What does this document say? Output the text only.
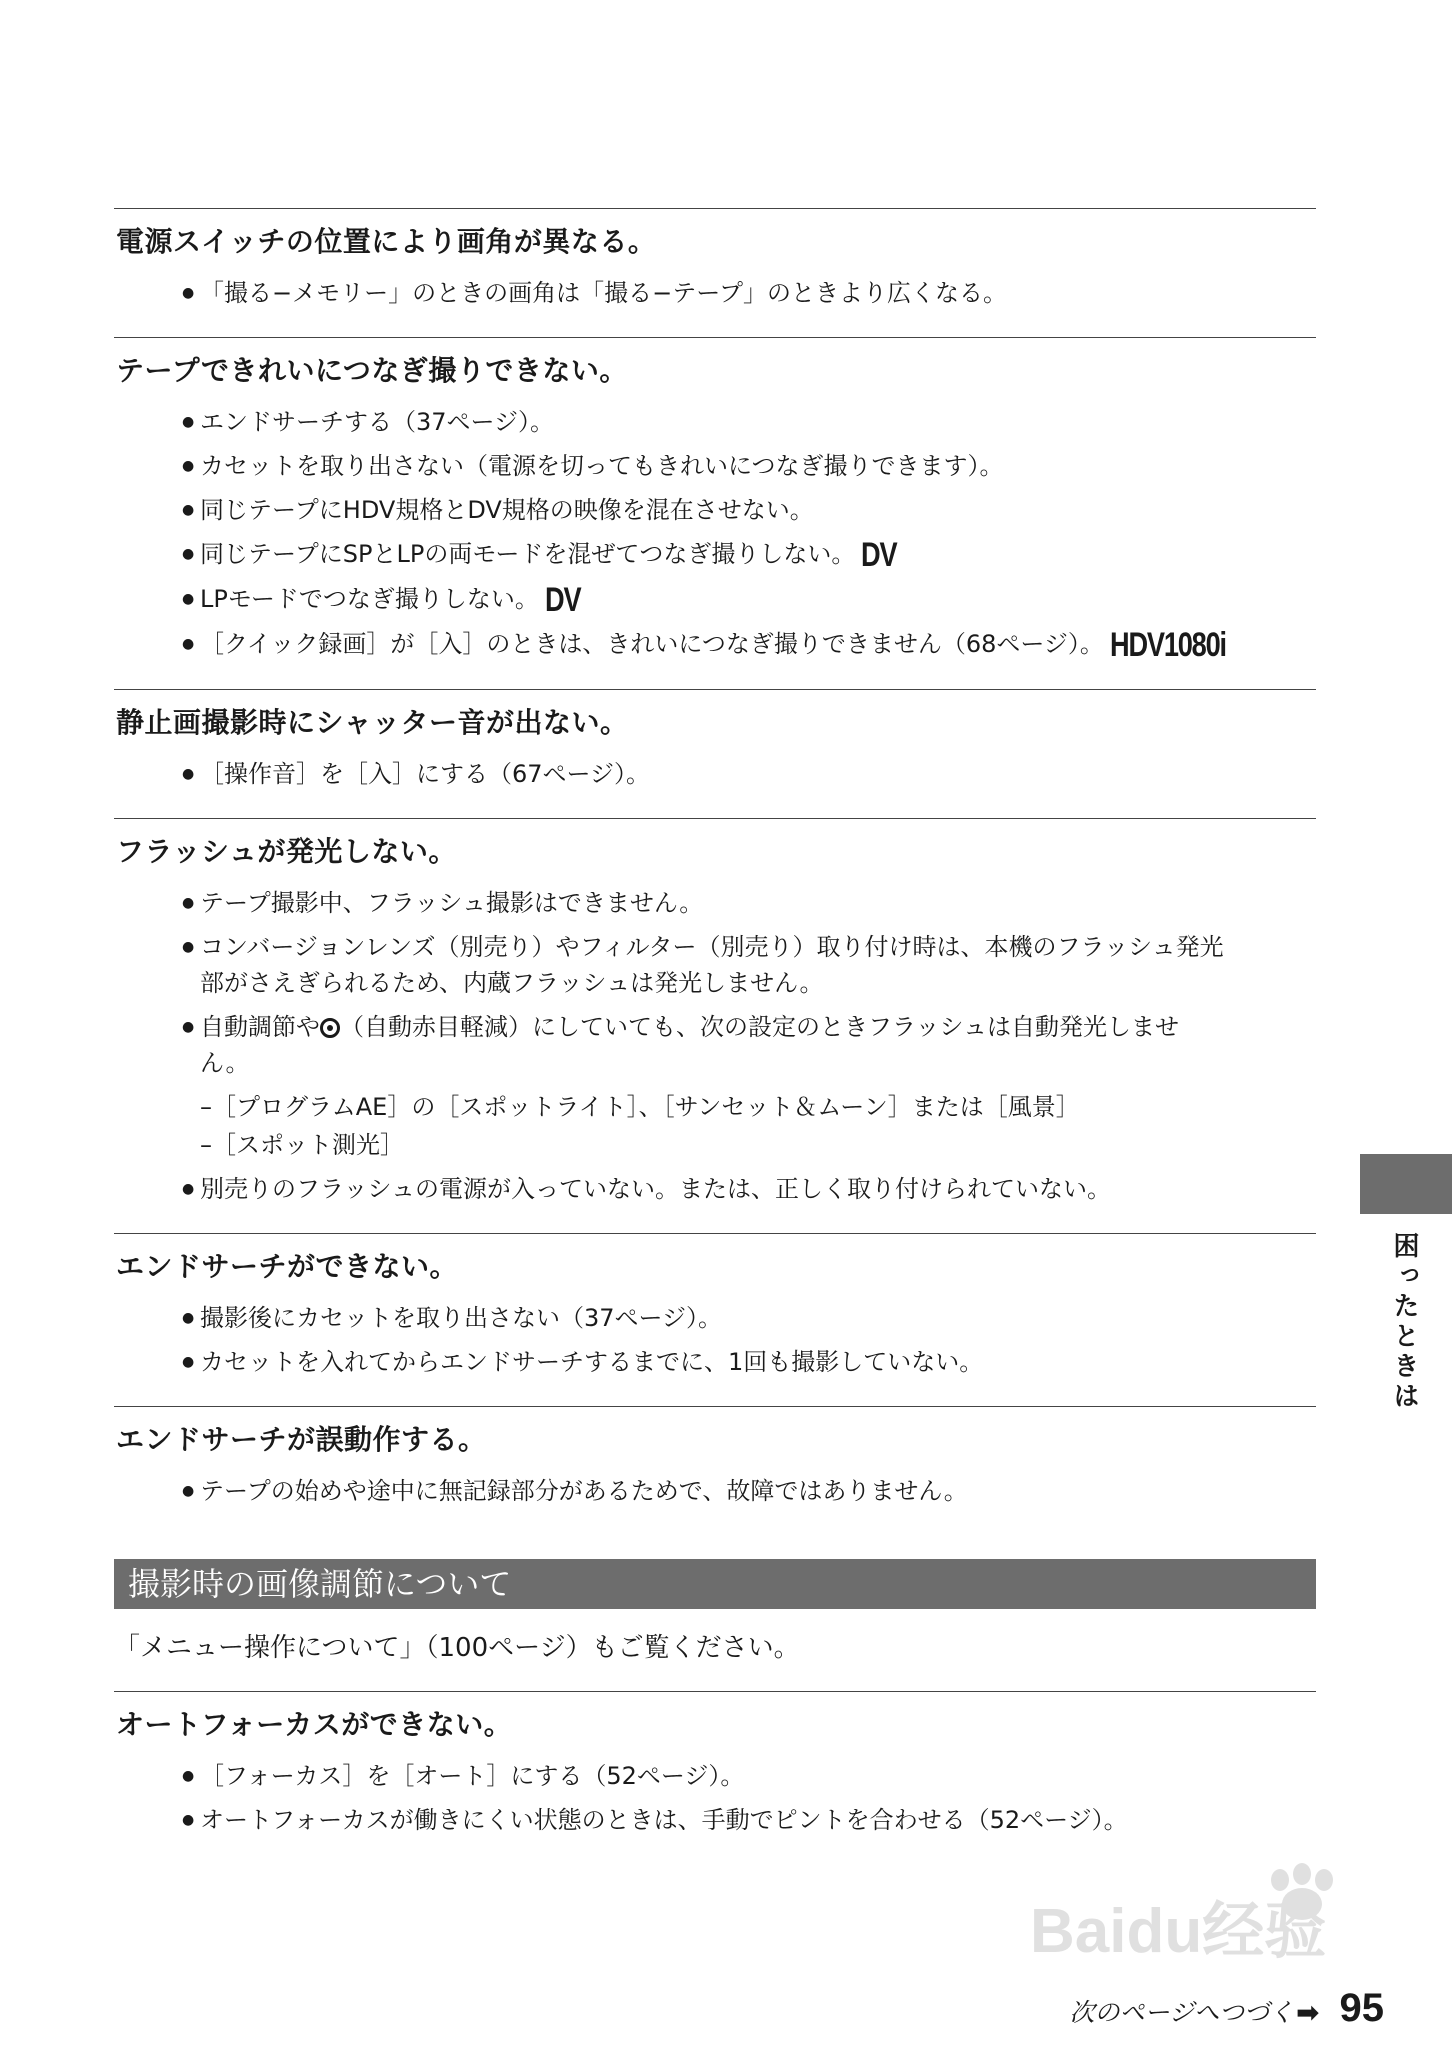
電源スイッチの位置により画角が異なる。
● 「撮る−メモリー」のときの画角は「撮る−テープ」のときより広くなる。
テープできれいにつなぎ撮りできない。
● エンドサーチする（37ページ）。
● カセットを取り出さない（電源を切ってもきれいにつなぎ撮りできます）。
● 同じテープにHDV規格とDV規格の映像を混在させない。
● 同じテープにSPとLPの両モードを混ぜてつなぎ撮りしない。 DV
● LPモードでつなぎ撮りしない。 DV
● ［クイック録画］が［入］のときは、きれいにつなぎ撮りできません（68ページ）。 HDV1080i
静止画撮影時にシャッター音が出ない。
● ［操作音］を［入］にする（67ページ）。
フラッシュが発光しない。
● テープ撮影中、フラッシュ撮影はできません。
● コンバージョンレンズ（別売り）やフィルター（別売り）取り付け時は、本機のフラッシュ発光
部がさえぎられるため、内蔵フラッシュは発光しません。
● 自動調節や （自動赤目軽減）にしていても、次の設定のときフラッシュは自動発光しませ
ん。
–［プログラムAE］の［スポットライト］、［サンセット＆ムーン］または［風景］
–［スポット測光］
● 別売りのフラッシュの電源が入っていない。または、正しく取り付けられていない。
エンドサーチができない。
● 撮影後にカセットを取り出さない（37ページ）。
● カセットを入れてからエンドサーチするまでに、1回も撮影していない。
エンドサーチが誤動作する。
● テープの始めや途中に無記録部分があるためで、故障ではありません。
撮影時の画像調節について
「メニュー操作について」（100ページ）もご覧ください。
オートフォーカスができない。
● ［フォーカス］を［オート］にする（52ページ）。
● オートフォーカスが働きにくい状態のときは、手動でピントを合わせる（52ページ）。
困ったときは
Baidu经验
次のページへつづく ➡ 95
